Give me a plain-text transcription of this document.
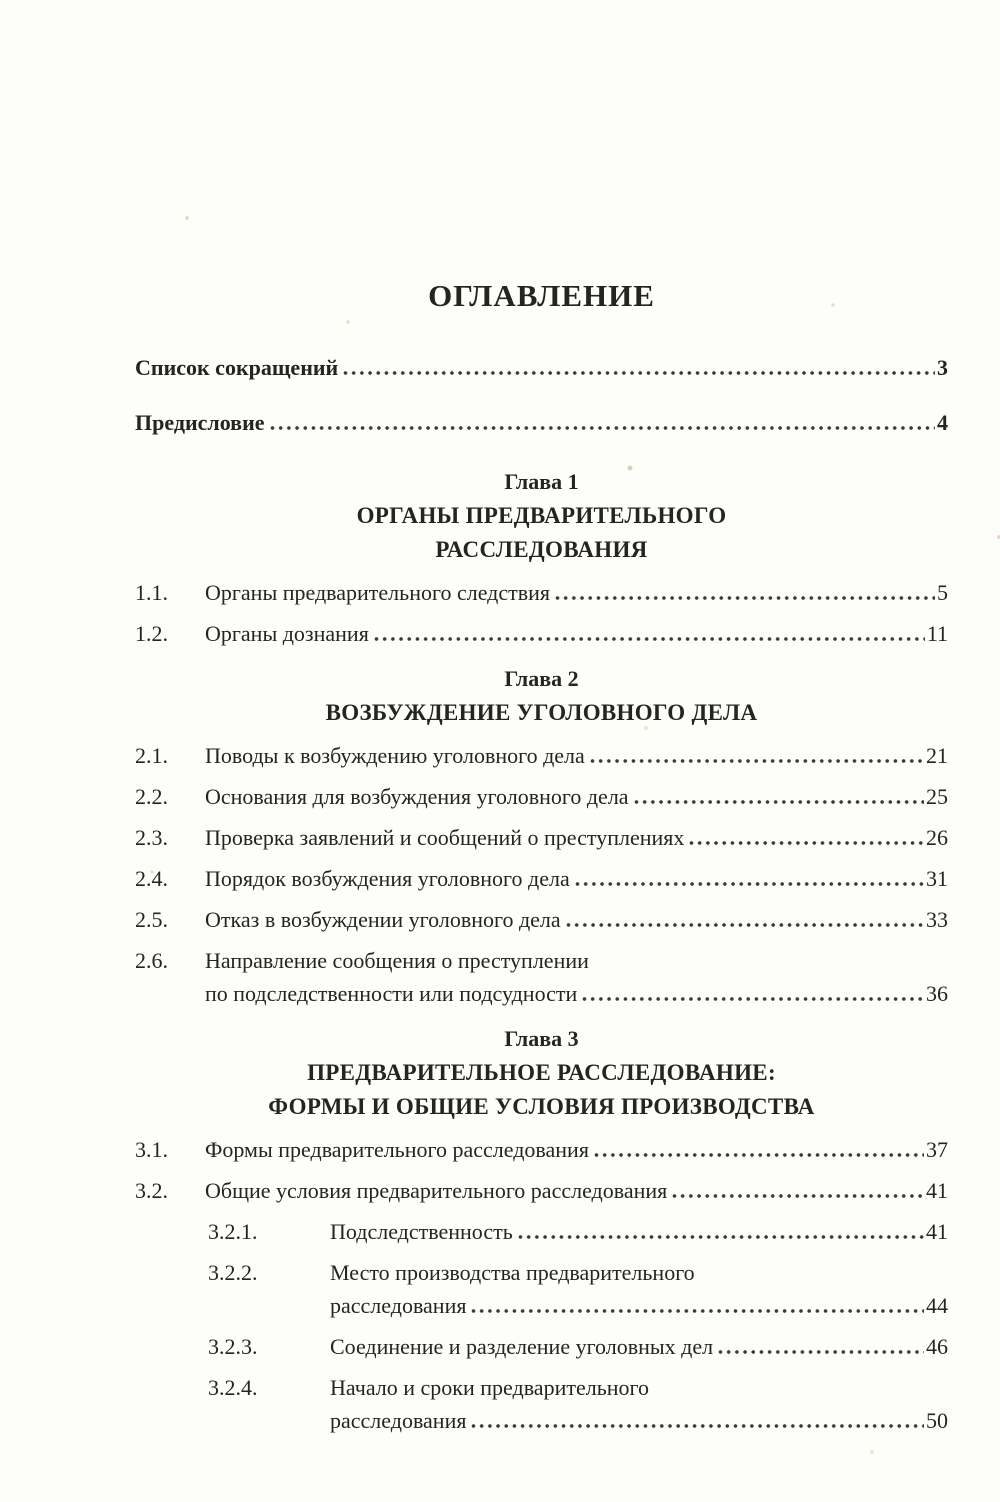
ОГЛАВЛЕНИЕ
Список сокращений	3
Предисловие	4
Глава 1
ОРГАНЫ ПРЕДВАРИТЕЛЬНОГО
РАССЛЕДОВАНИЯ
1.1.	Органы предварительного следствия	5
1.2.	Органы дознания	11
Глава 2
ВОЗБУЖДЕНИЕ УГОЛОВНОГО ДЕЛА
2.1.	Поводы к возбуждению уголовного дела	21
2.2.	Основания для возбуждения уголовного дела	25
2.3.	Проверка заявлений и сообщений о преступлениях	26
2.4.	Порядок возбуждения уголовного дела	31
2.5.	Отказ в возбуждении уголовного дела	33
2.6.	Направление сообщения о преступлении
по подследственности или подсудности	36
Глава 3
ПРЕДВАРИТЕЛЬНОЕ РАССЛЕДОВАНИЕ:
ФОРМЫ И ОБЩИЕ УСЛОВИЯ ПРОИЗВОДСТВА
3.1.	Формы предварительного расследования	37
3.2.	Общие условия предварительного расследования	41
3.2.1.	Подследственность	41
3.2.2.	Место производства предварительного
расследования	44
3.2.3.	Соединение и разделение уголовных дел	46
3.2.4.	Начало и сроки предварительного
расследования	50
